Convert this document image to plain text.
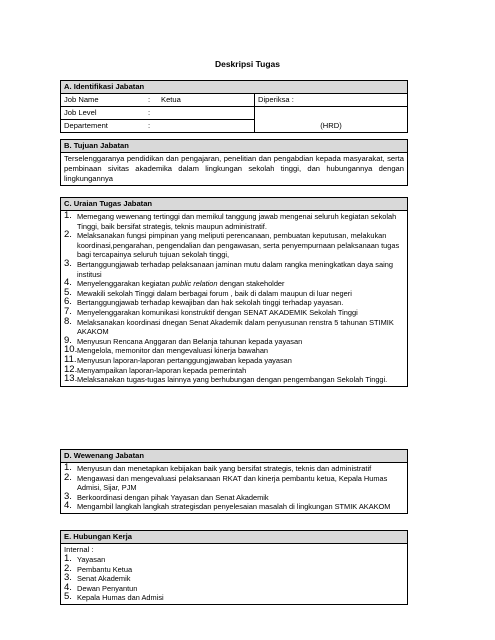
Deskripsi Tugas
A. Identifikasi Jabatan			
Job Name	:	Ketua	Diperiksa :
Job Level	:		(HRD)
Departement	:		
B. Tujuan Jabatan
Terselenggaranya pendidikan dan pengajaran, penelitian dan pengabdian kepada masyarakat, serta pembinaan sivitas akademika dalam lingkungan sekolah tinggi, dan hubungannya dengan lingkungannya
C. Uraian Tugas Jabatan

1. Memegang wewenang tertinggi dan memikul tanggung jawab mengenai seluruh kegiatan sekolah Tinggi, baik bersifat strategis, teknis maupun administratif.
2. Melaksanakan fungsi pimpinan yang meliputi perencanaan, pembuatan keputusan, melakukan koordinasi,pengarahan, pengendalian dan pengawasan, serta penyempurnaan pelaksanaan tugas bagi tercapainya seluruh tujuan sekolah tinggi,
3. Bertanggungjawab terhadap pelaksanaan jaminan mutu dalam rangka meningkatkan daya saing institusi
4. Menyelenggarakan kegiatan public relation dengan stakeholder
5. Mewakili sekolah Tinggi dalam berbagai forum , baik di dalam maupun di luar negeri
6. Bertanggungjawab terhadap kewajiban dan hak sekolah tinggi terhadap yayasan.
7. Menyelenggarakan komunikasi konstruktif dengan SENAT AKADEMIK Sekolah Tinggi
8. Melaksanakan koordinasi dnegan Senat Akademik dalam penyusunan renstra 5 tahunan STIMIK AKAKOM
9. Menyusun Rencana Anggaran dan Belanja tahunan kepada yayasan
10. Mengelola, memonitor dan mengevaluasi kinerja bawahan
11. Menyusun laporan-laporan pertanggungjawaban kepada yayasan
12. Menyampaikan laporan-laporan kepada pemerintah
13. Melaksanakan tugas-tugas lainnya yang berhubungan dengan pengembangan Sekolah Tinggi.
D. Wewenang Jabatan

1. Menyusun dan menetapkan kebijakan baik yang bersifat strategis, teknis dan administratif
2. Mengawasi dan mengevaluasi pelaksanaan RKAT dan kinerja pembantu ketua, Kepala Humas Admisi, Sijar, PJM
3. Berkoordinasi dengan pihak Yayasan dan Senat Akademik
4. Mengambil langkah langkah strategisdan penyelesaian masalah di lingkungan STMIK AKAKOM
E. Hubungan Kerja

Internal :
1. Yayasan
2. Pembantu Ketua
3. Senat Akademik
4. Dewan Penyantun
5. Kepala Humas dan Admisi
